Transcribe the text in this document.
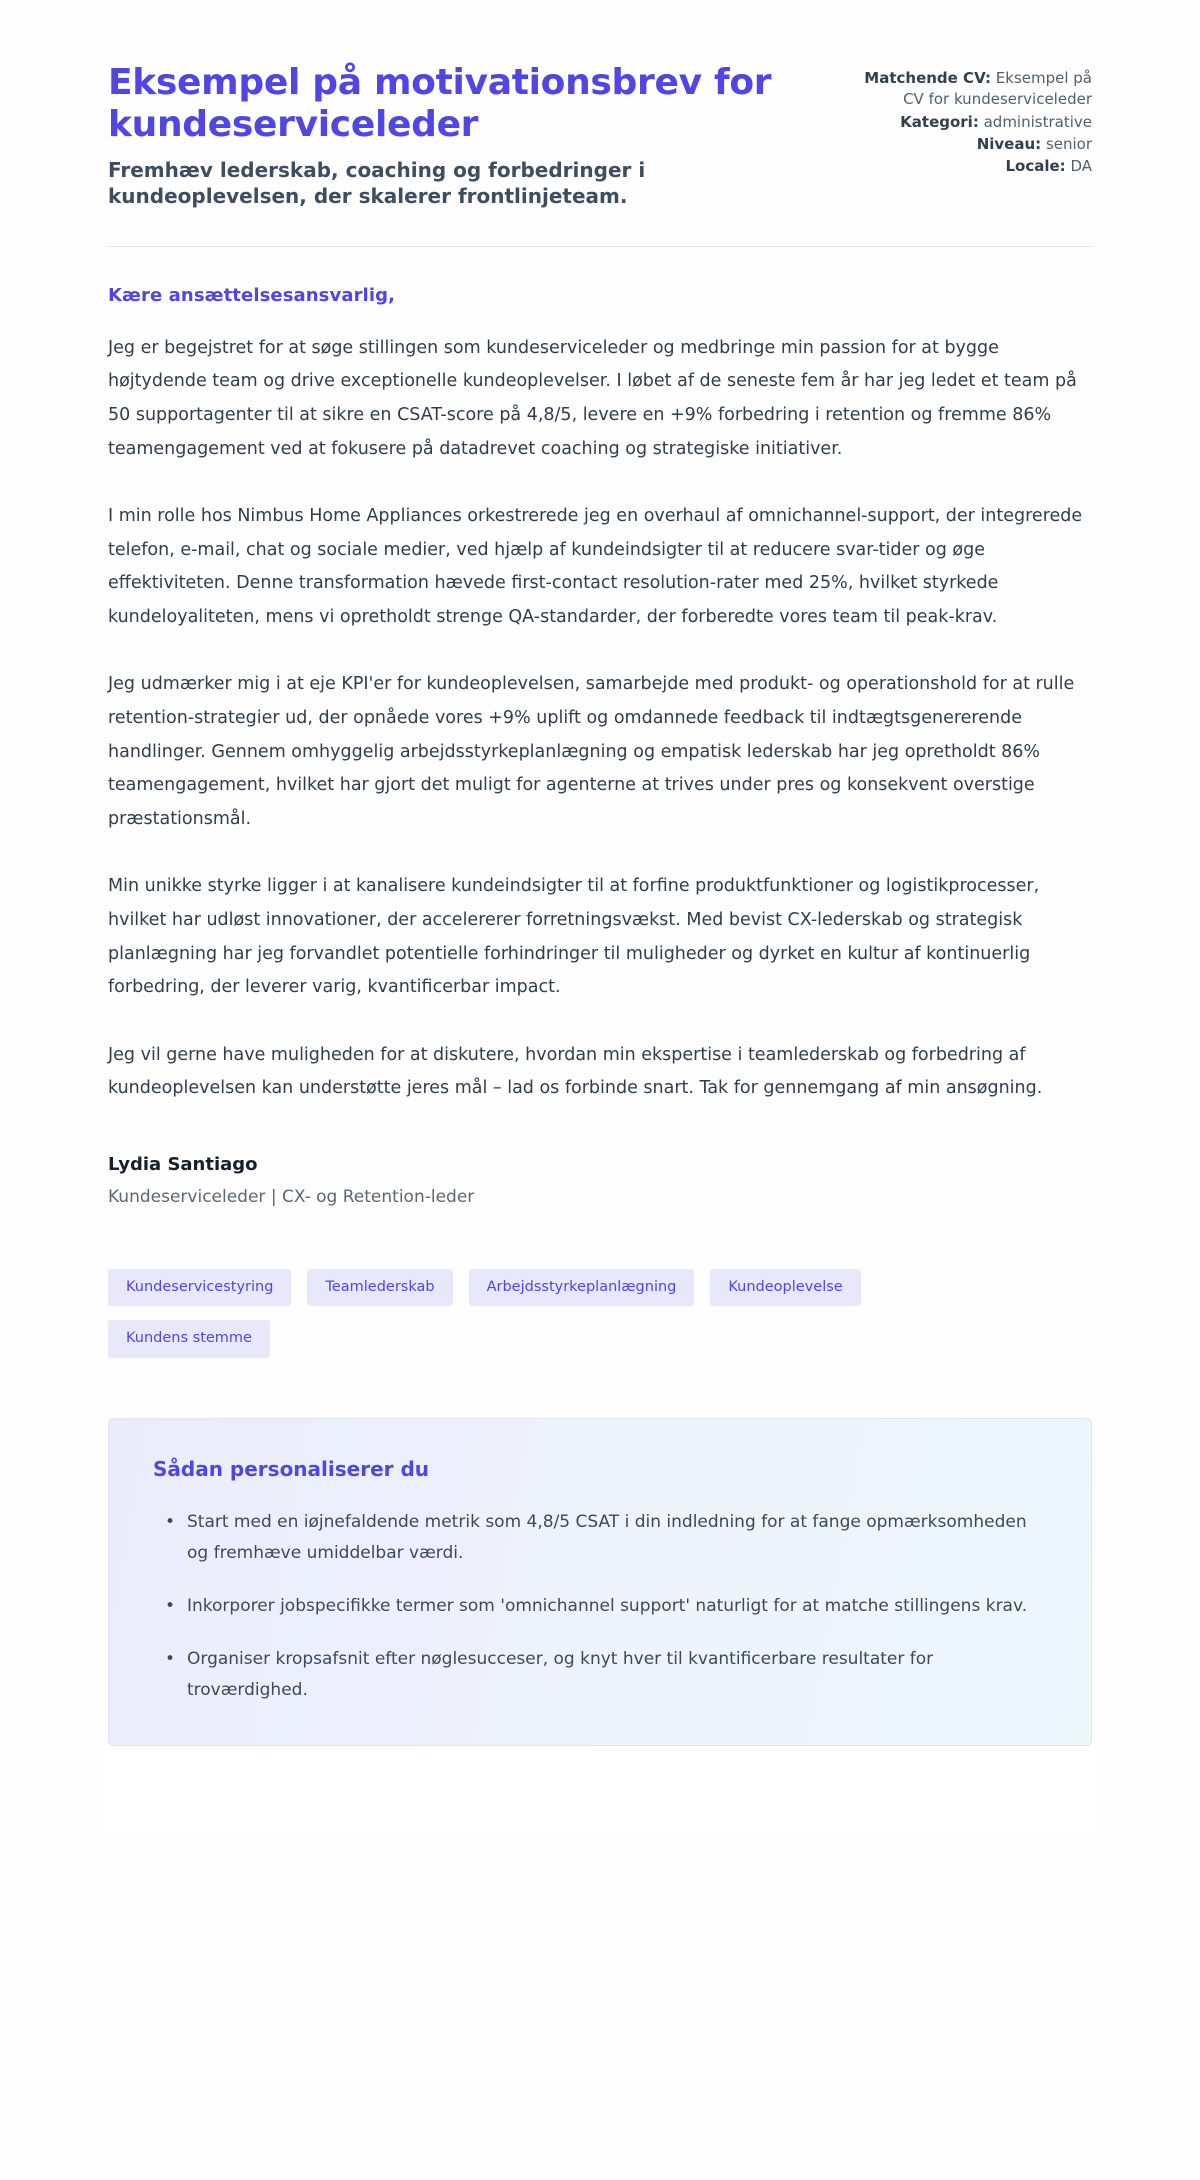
Eksempel på motivationsbrev for kundeserviceleder

Fremhæv lederskab, coaching og forbedringer i kundeoplevelsen, der skalerer frontlinjeteam.

Matchende CV: Eksempel på CV for kundeserviceleder

Kategori: administrative

Niveau: senior

Locale: DA

Kære ansættelsesansvarlig,

Jeg er begejstret for at søge stillingen som kundeserviceleder og medbringe min passion for at bygge højtydende team og drive exceptionelle kundeoplevelser. I løbet af de seneste fem år har jeg ledet et team på 50 supportagenter til at sikre en CSAT-score på 4,8/5, levere en +9% forbedring i retention og fremme 86% teamengagement ved at fokusere på datadrevet coaching og strategiske initiativer.

I min rolle hos Nimbus Home Appliances orkestrerede jeg en overhaul af omnichannel-support, der integrerede telefon, e-mail, chat og sociale medier, ved hjælp af kundeindsigter til at reducere svar-tider og øge effektiviteten. Denne transformation hævede first-contact resolution-rater med 25%, hvilket styrkede kundeloyaliteten, mens vi opretholdt strenge QA-standarder, der forberedte vores team til peak-krav.

Jeg udmærker mig i at eje KPI'er for kundeoplevelsen, samarbejde med produkt- og operationshold for at rulle retention-strategier ud, der opnåede vores +9% uplift og omdannede feedback til indtægtsgenererende handlinger. Gennem omhyggelig arbejdsstyrkeplanlægning og empatisk lederskab har jeg opretholdt 86% teamengagement, hvilket har gjort det muligt for agenterne at trives under pres og konsekvent overstige præstationsmål.

Min unikke styrke ligger i at kanalisere kundeindsigter til at forfine produktfunktioner og logistikprocesser, hvilket har udløst innovationer, der accelererer forretningsvækst. Med bevist CX-lederskab og strategisk planlægning har jeg forvandlet potentielle forhindringer til muligheder og dyrket en kultur af kontinuerlig forbedring, der leverer varig, kvantificerbar impact.

Jeg vil gerne have muligheden for at diskutere, hvordan min ekspertise i teamlederskab og forbedring af kundeoplevelsen kan understøtte jeres mål – lad os forbinde snart. Tak for gennemgang af min ansøgning.

Lydia Santiago

Kundeserviceleder | CX- og Retention-leder

Kundeservicestyring	Teamlederskab	Arbejdsstyrkeplanlægning	Kundeoplevelse
Kundens stemme
Sådan personaliserer du
• Start med en iøjnefaldende metrik som 4,8/5 CSAT i din indledning for at fange opmærksomheden og fremhæve umiddelbar værdi.
• Inkorporer jobspecifikke termer som 'omnichannel support' naturligt for at matche stillingens krav.
• Organiser kropsafsnit efter nøglesucceser, og knyt hver til kvantificerbare resultater for troværdighed.
